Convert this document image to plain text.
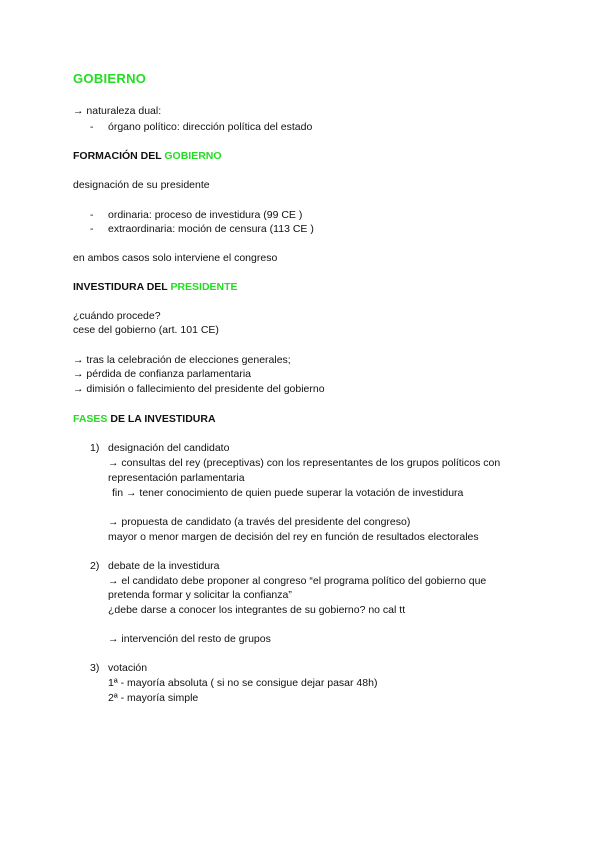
GOBIERNO
→ naturaleza dual:
- órgano político: dirección política del estado
FORMACIÓN DEL GOBIERNO
designación de su presidente
- ordinaria: proceso de investidura (99 CE )
- extraordinaria: moción de censura (113 CE )
en ambos casos solo interviene el congreso
INVESTIDURA DEL PRESIDENTE
¿cuándo procede?
cese del gobierno (art. 101 CE)
→ tras la celebración de elecciones generales;
→ pérdida de confianza parlamentaria
→ dimisión o fallecimiento del presidente del gobierno
FASES DE LA INVESTIDURA
1) designación del candidato
→ consultas del rey (preceptivas) con los representantes de los grupos políticos con
representación parlamentaria
fin → tener conocimiento de quien puede superar la votación de investidura
→ propuesta de candidato (a través del presidente del congreso)
mayor o menor margen de decisión del rey en función de resultados electorales
2) debate de la investidura
→ el candidato debe proponer al congreso “el programa político del gobierno que
pretenda formar y solicitar la confianza”
¿debe darse a conocer los integrantes de su gobierno? no cal tt
→ intervención del resto de grupos
3) votación
1ª - mayoría absoluta ( si no se consigue dejar pasar 48h)
2ª - mayoría simple
